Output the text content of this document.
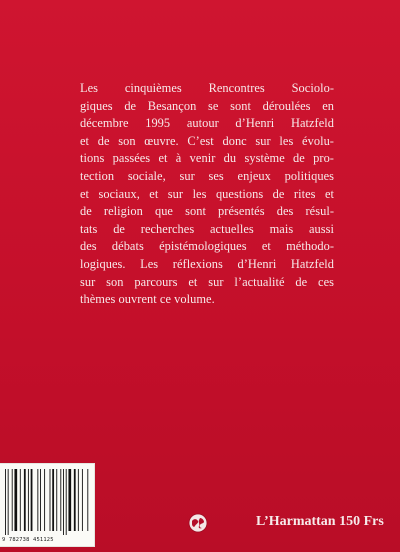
Les cinquièmes Rencontres Sociolo-
giques de Besançon se sont déroulées en
décembre 1995 autour d’Henri Hatzfeld
et de son œuvre. C’est donc sur les évolu-
tions passées et à venir du système de pro-
tection sociale, sur ses enjeux politiques
et sociaux, et sur les questions de rites et
de religion que sont présentés des résul-
tats de recherches actuelles mais aussi
des débats épistémologiques et méthodo-
logiques. Les réflexions d’Henri Hatzfeld
sur son parcours et sur l’actualité de ces
thèmes ouvrent ce volume.
9 782738 451125
L’Harmattan 150 Frs
